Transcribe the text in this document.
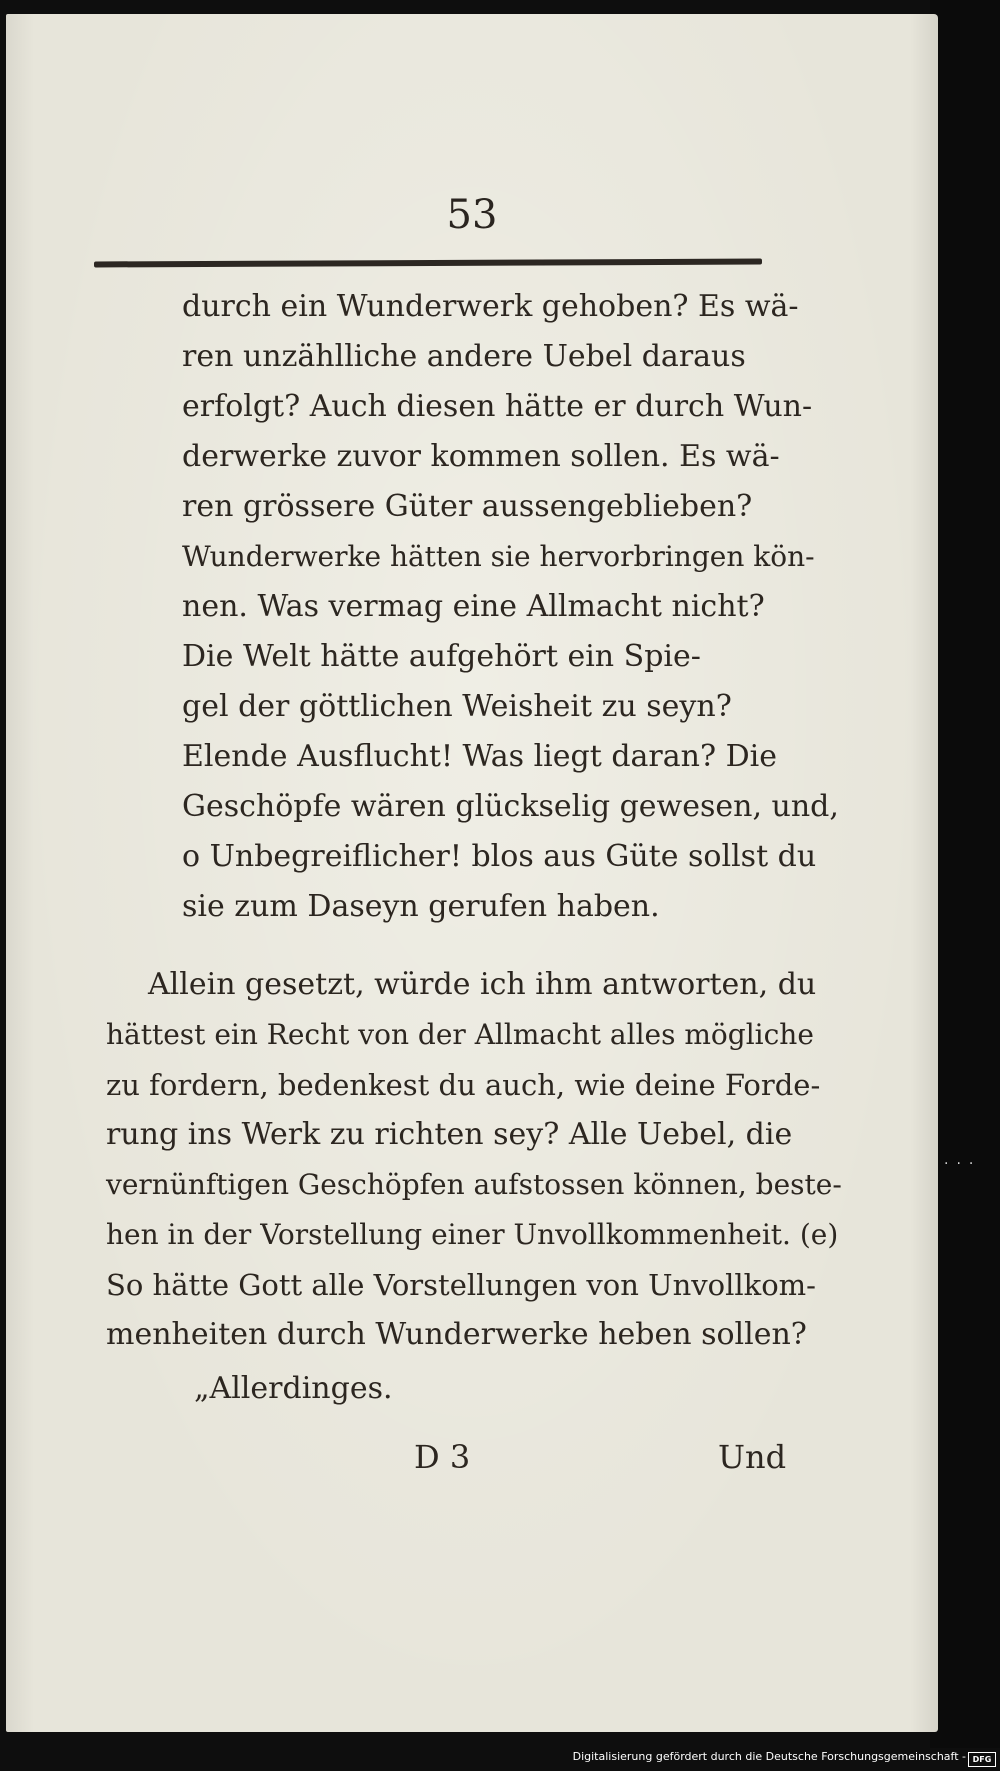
···
53
durch ein Wunderwerk gehoben? Es wä-
ren unzählliche andere Uebel daraus
erfolgt? Auch diesen hätte er durch Wun-
derwerke zuvor kommen sollen. Es wä-
ren grössere Güter aussengeblieben?
Wunderwerke hätten sie hervorbringen kön-
nen. Was vermag eine Allmacht nicht?
Die Welt hätte aufgehört ein Spie-
gel der göttlichen Weisheit zu seyn?
Elende Ausflucht! Was liegt daran? Die
Geschöpfe wären glückselig gewesen, und,
o Unbegreiflicher! blos aus Güte sollst du
sie zum Daseyn gerufen haben.
Allein gesetzt, würde ich ihm antworten, du
hättest ein Recht von der Allmacht alles mögliche
zu fordern, bedenkest du auch, wie deine Forde-
rung ins Werk zu richten sey? Alle Uebel, die
vernünftigen Geschöpfen aufstossen können, beste-
hen in der Vorstellung einer Unvollkommenheit. (e)
So hätte Gott alle Vorstellungen von Unvollkom-
menheiten durch Wunderwerke heben sollen?
„Allerdinges.
D 3	Und
Digitalisierung gefördert durch die Deutsche Forschungsgemeinschaft - DFG
